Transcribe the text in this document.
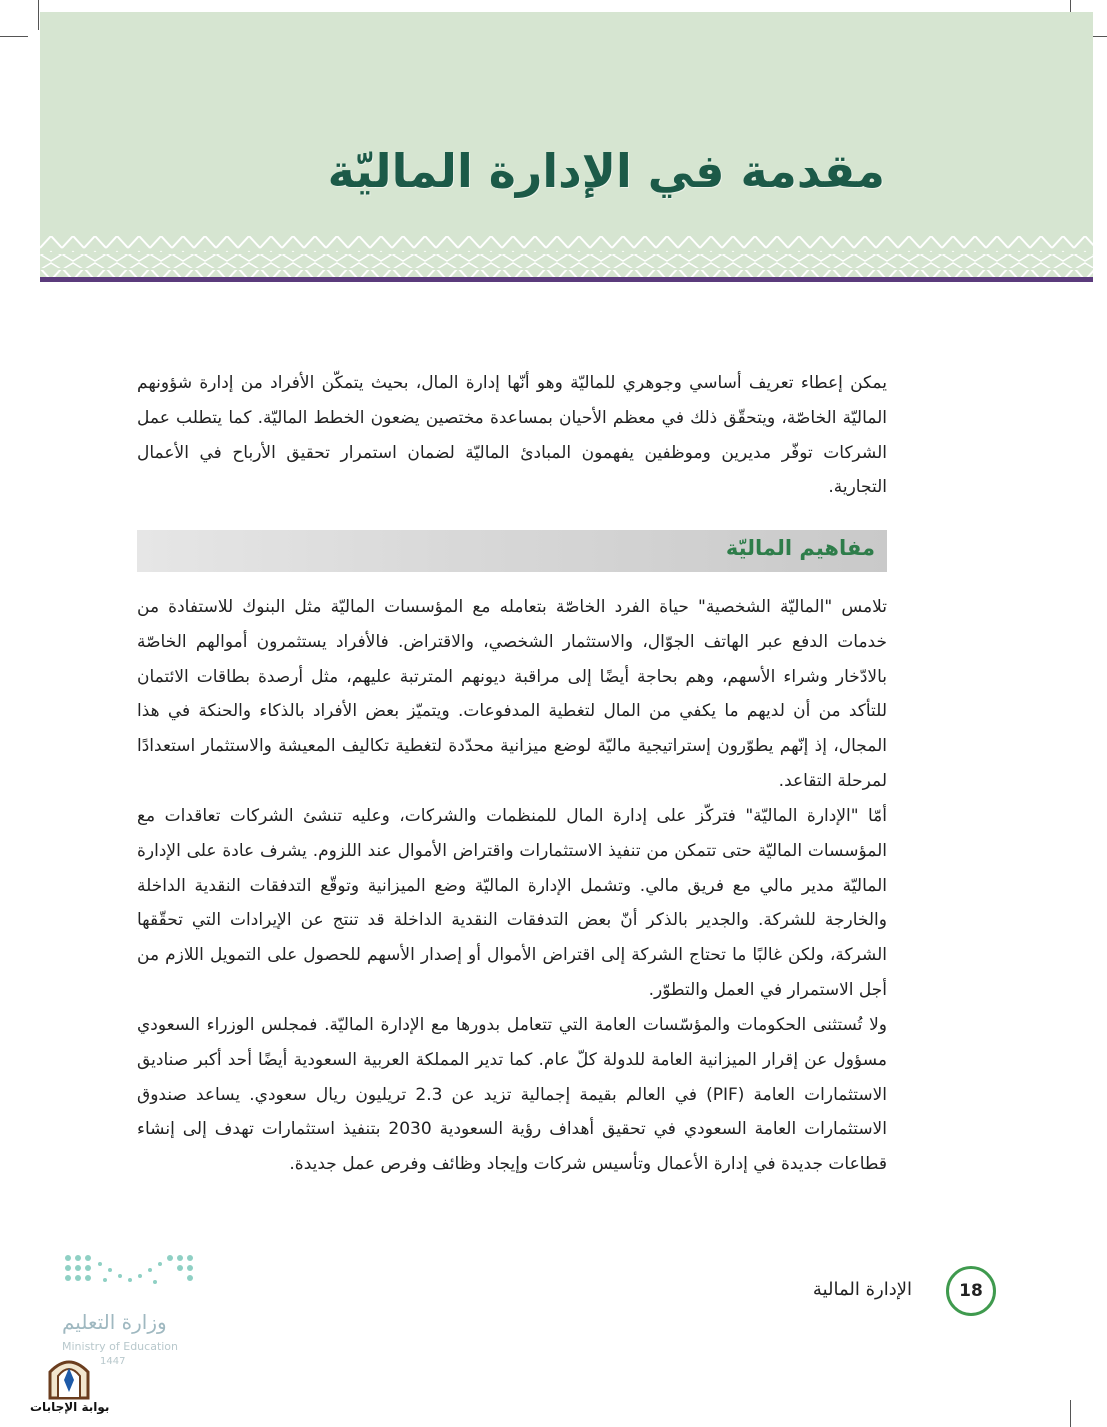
مقدمة في الإدارة الماليّة

يمكن إعطاء تعريف أساسي وجوهري للماليّة وهو أنّها إدارة المال، بحيث يتمكّن الأفراد من إدارة شؤونهم الماليّة الخاصّة، ويتحقّق ذلك في معظم الأحيان بمساعدة مختصين يضعون الخطط الماليّة. كما يتطلب عمل الشركات توفّر مديرين وموظفين يفهمون المبادئ الماليّة لضمان استمرار تحقيق الأرباح في الأعمال التجارية.

مفاهيم الماليّة

تلامس "الماليّة الشخصية" حياة الفرد الخاصّة بتعامله مع المؤسسات الماليّة مثل البنوك للاستفادة من خدمات الدفع عبر الهاتف الجوّال، والاستثمار الشخصي، والاقتراض. فالأفراد يستثمرون أموالهم الخاصّة بالادّخار وشراء الأسهم، وهم بحاجة أيضًا إلى مراقبة ديونهم المترتبة عليهم، مثل أرصدة بطاقات الائتمان للتأكد من أن لديهم ما يكفي من المال لتغطية المدفوعات. ويتميّز بعض الأفراد بالذكاء والحنكة في هذا المجال، إذ إنّهم يطوّرون إستراتيجية ماليّة لوضع ميزانية محدّدة لتغطية تكاليف المعيشة والاستثمار استعدادًا لمرحلة التقاعد.

أمّا "الإدارة الماليّة" فتركّز على إدارة المال للمنظمات والشركات، وعليه تنشئ الشركات تعاقدات مع المؤسسات الماليّة حتى تتمكن من تنفيذ الاستثمارات واقتراض الأموال عند اللزوم. يشرف عادة على الإدارة الماليّة مدير مالي مع فريق مالي. وتشمل الإدارة الماليّة وضع الميزانية وتوقّع التدفقات النقدية الداخلة والخارجة للشركة. والجدير بالذكر أنّ بعض التدفقات النقدية الداخلة قد تنتج عن الإيرادات التي تحقّقها الشركة، ولكن غالبًا ما تحتاج الشركة إلى اقتراض الأموال أو إصدار الأسهم للحصول على التمويل اللازم من أجل الاستمرار في العمل والتطوّر.

ولا تُستثنى الحكومات والمؤسّسات العامة التي تتعامل بدورها مع الإدارة الماليّة. فمجلس الوزراء السعودي مسؤول عن إقرار الميزانية العامة للدولة كلّ عام. كما تدير المملكة العربية السعودية أيضًا أحد أكبر صناديق الاستثمارات العامة (PIF) في العالم بقيمة إجمالية تزيد عن 2.3 تريليون ريال سعودي. يساعد صندوق الاستثمارات العامة السعودي في تحقيق أهداف رؤية السعودية 2030 بتنفيذ استثمارات تهدف إلى إنشاء قطاعات جديدة في إدارة الأعمال وتأسيس شركات وإيجاد وظائف وفرص عمل جديدة.

18
الإدارة المالية
وزارة التعليم
Ministry of Education
1447
بوابة الإجابات
